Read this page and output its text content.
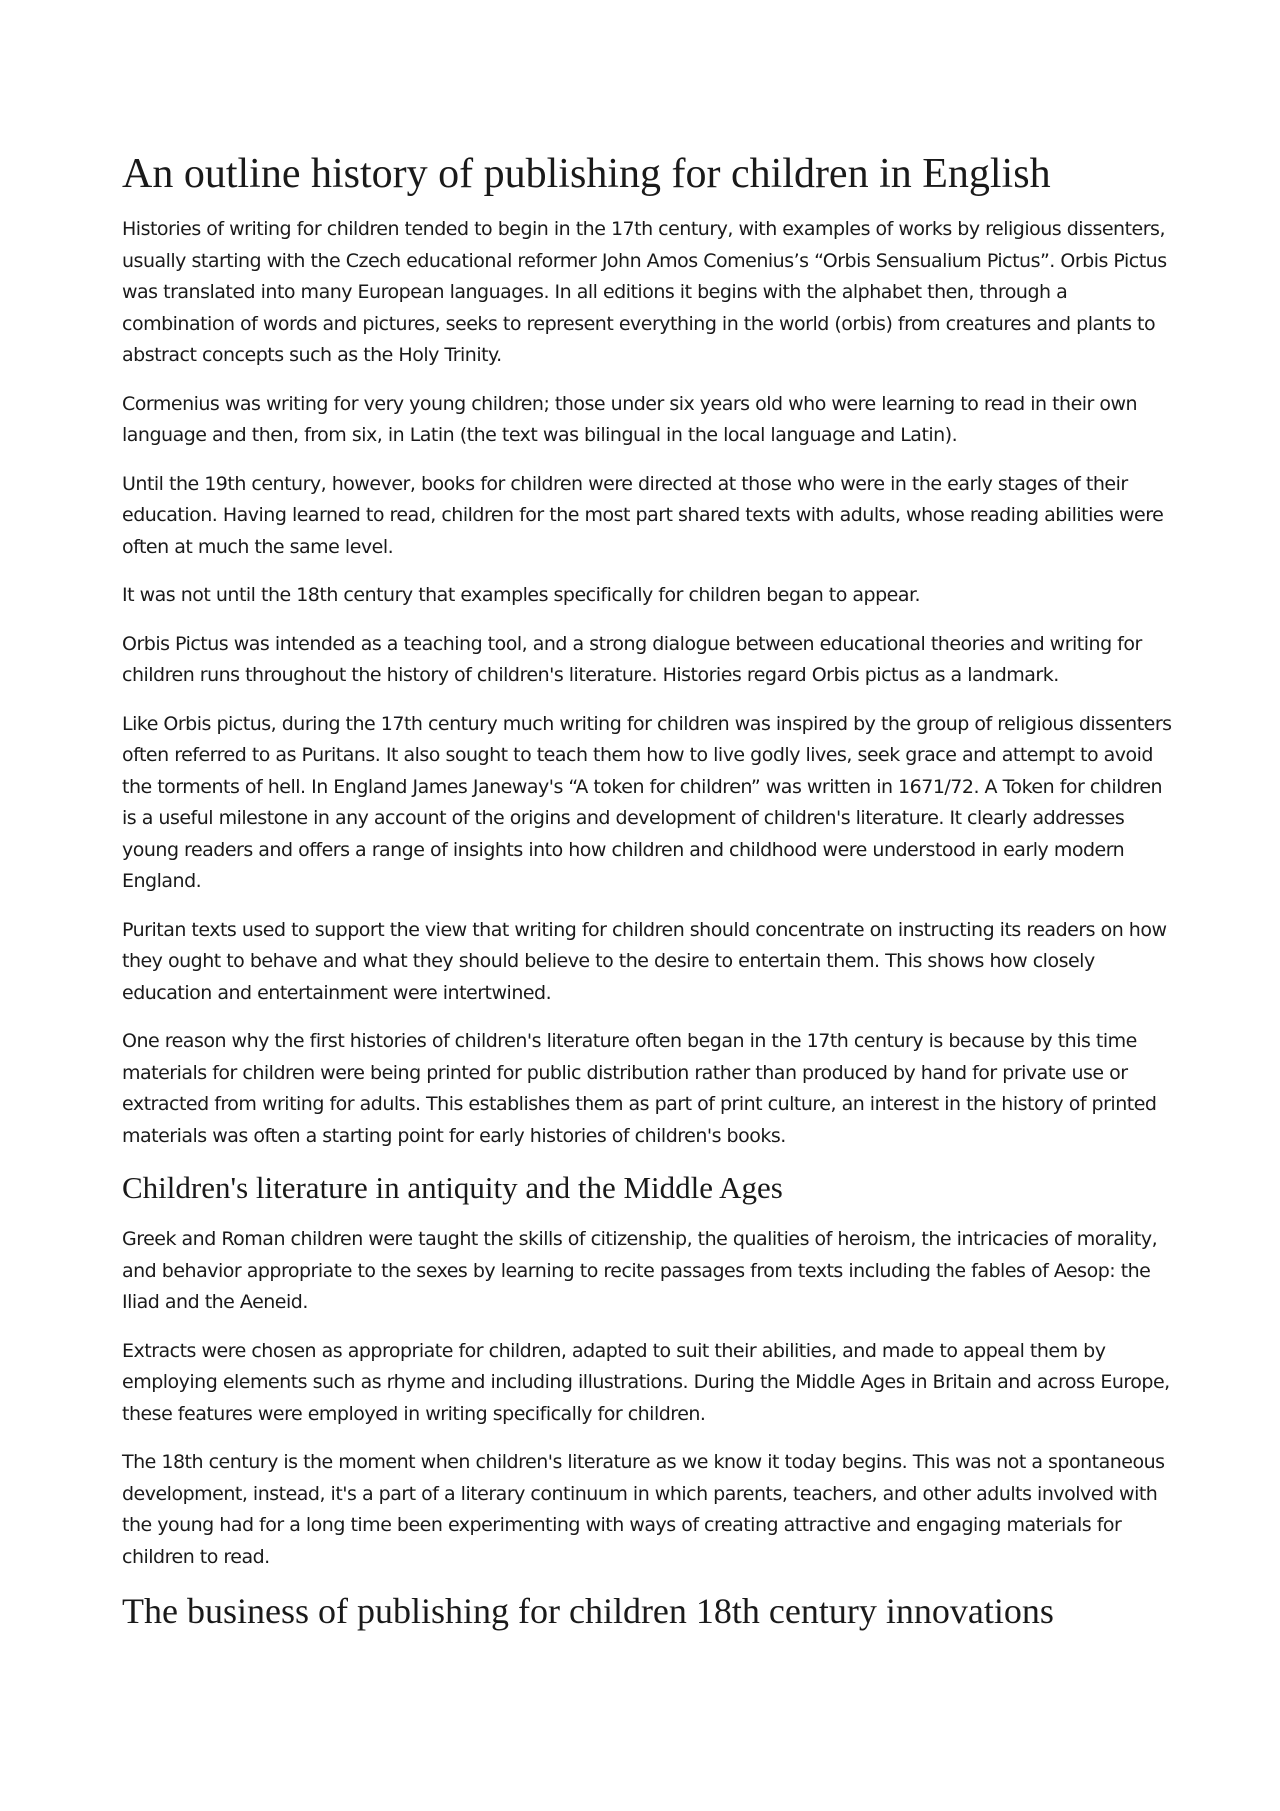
An outline history of publishing for children in English

Histories of writing for children tended to begin in the 17th century, with examples of works by religious dissenters, usually starting with the Czech educational reformer John Amos Comenius’s “Orbis Sensualium Pictus”. Orbis Pictus was translated into many European languages. In all editions it begins with the alphabet then, through a combination of words and pictures, seeks to represent everything in the world (orbis) from creatures and plants to abstract concepts such as the Holy Trinity.

Cormenius was writing for very young children; those under six years old who were learning to read in their own language and then, from six, in Latin (the text was bilingual in the local language and Latin).

Until the 19th century, however, books for children were directed at those who were in the early stages of their education. Having learned to read, children for the most part shared texts with adults, whose reading abilities were often at much the same level.

It was not until the 18th century that examples specifically for children began to appear.

Orbis Pictus was intended as a teaching tool, and a strong dialogue between educational theories and writing for children runs throughout the history of children's literature. Histories regard Orbis pictus as a landmark.

Like Orbis pictus, during the 17th century much writing for children was inspired by the group of religious dissenters often referred to as Puritans. It also sought to teach them how to live godly lives, seek grace and attempt to avoid the torments of hell. In England James Janeway's “A token for children” was written in 1671/72. A Token for children is a useful milestone in any account of the origins and development of children's literature. It clearly addresses young readers and offers a range of insights into how children and childhood were understood in early modern England.

Puritan texts used to support the view that writing for children should concentrate on instructing its readers on how they ought to behave and what they should believe to the desire to entertain them. This shows how closely education and entertainment were intertwined.

One reason why the first histories of children's literature often began in the 17th century is because by this time materials for children were being printed for public distribution rather than produced by hand for private use or extracted from writing for adults. This establishes them as part of print culture, an interest in the history of printed materials was often a starting point for early histories of children's books.

Children's literature in antiquity and the Middle Ages

Greek and Roman children were taught the skills of citizenship, the qualities of heroism, the intricacies of morality, and behavior appropriate to the sexes by learning to recite passages from texts including the fables of Aesop: the Iliad and the Aeneid.

Extracts were chosen as appropriate for children, adapted to suit their abilities, and made to appeal them by employing elements such as rhyme and including illustrations. During the Middle Ages in Britain and across Europe, these features were employed in writing specifically for children.

The 18th century is the moment when children's literature as we know it today begins. This was not a spontaneous development, instead, it's a part of a literary continuum in which parents, teachers, and other adults involved with the young had for a long time been experimenting with ways of creating attractive and engaging materials for children to read.

The business of publishing for children 18th century innovations
